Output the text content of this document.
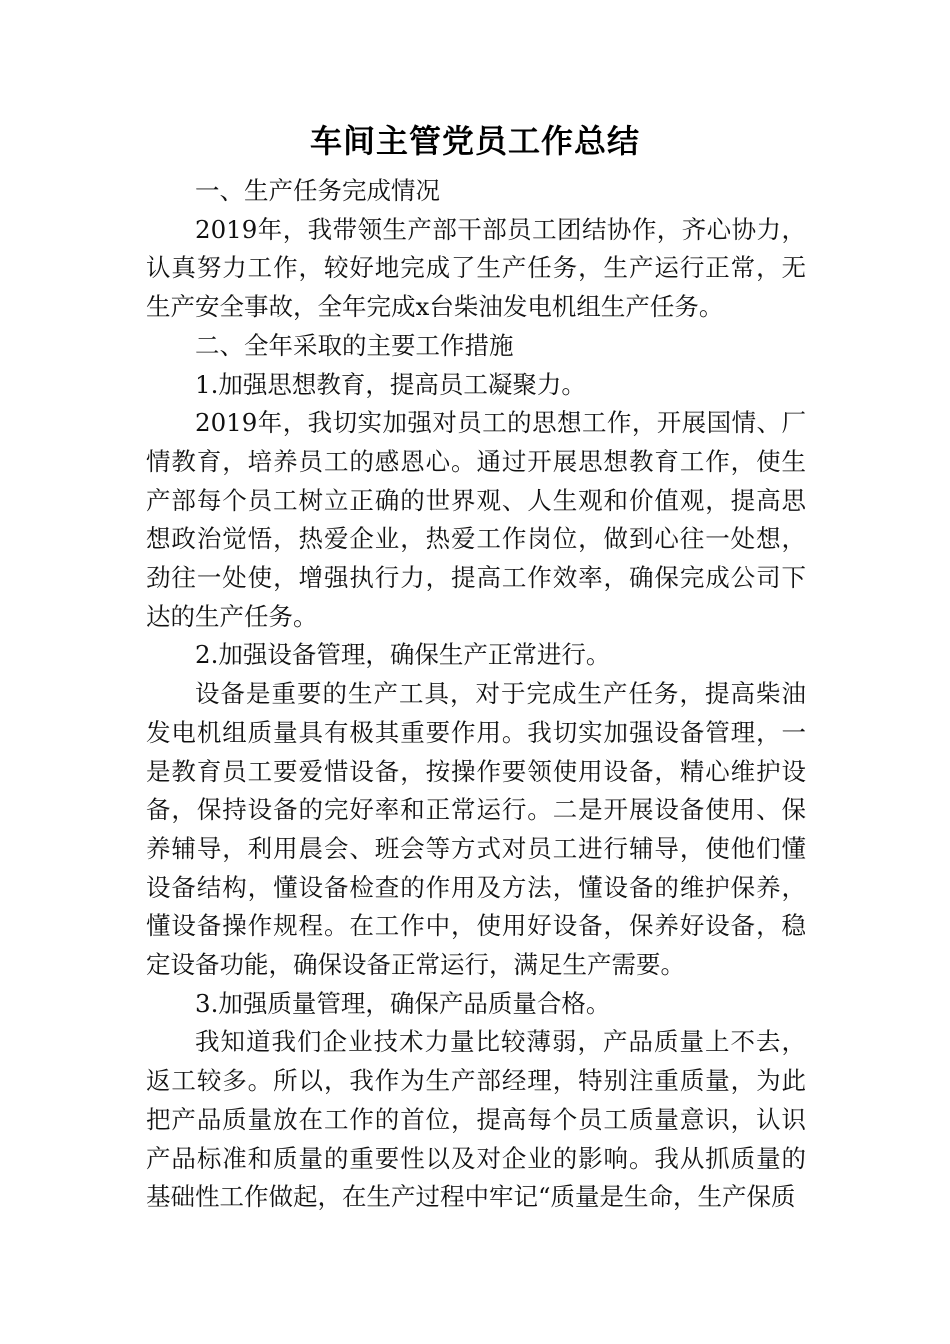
车间主管党员工作总结

一、生产任务完成情况

2019年，我带领生产部干部员工团结协作，齐心协力，认真努力工作，较好地完成了生产任务，生产运行正常，无生产安全事故，全年完成x台柴油发电机组生产任务。

二、全年采取的主要工作措施

1.加强思想教育，提高员工凝聚力。

2019年，我切实加强对员工的思想工作，开展国情、厂情教育，培养员工的感恩心。通过开展思想教育工作，使生产部每个员工树立正确的世界观、人生观和价值观，提高思想政治觉悟，热爱企业，热爱工作岗位，做到心往一处想，劲往一处使，增强执行力，提高工作效率，确保完成公司下达的生产任务。

2.加强设备管理，确保生产正常进行。

设备是重要的生产工具，对于完成生产任务，提高柴油发电机组质量具有极其重要作用。我切实加强设备管理，一是教育员工要爱惜设备，按操作要领使用设备，精心维护设备，保持设备的完好率和正常运行。二是开展设备使用、保养辅导，利用晨会、班会等方式对员工进行辅导，使他们懂设备结构，懂设备检查的作用及方法，懂设备的维护保养，懂设备操作规程。在工作中，使用好设备，保养好设备，稳定设备功能，确保设备正常运行，满足生产需要。

3.加强质量管理，确保产品质量合格。

我知道我们企业技术力量比较薄弱，产品质量上不去，返工较多。所以，我作为生产部经理，特别注重质量，为此把产品质量放在工作的首位，提高每个员工质量意识，认识产品标准和质量的重要性以及对企业的影响。我从抓质量的基础性工作做起，在生产过程中牢记“质量是生命，生产保质
